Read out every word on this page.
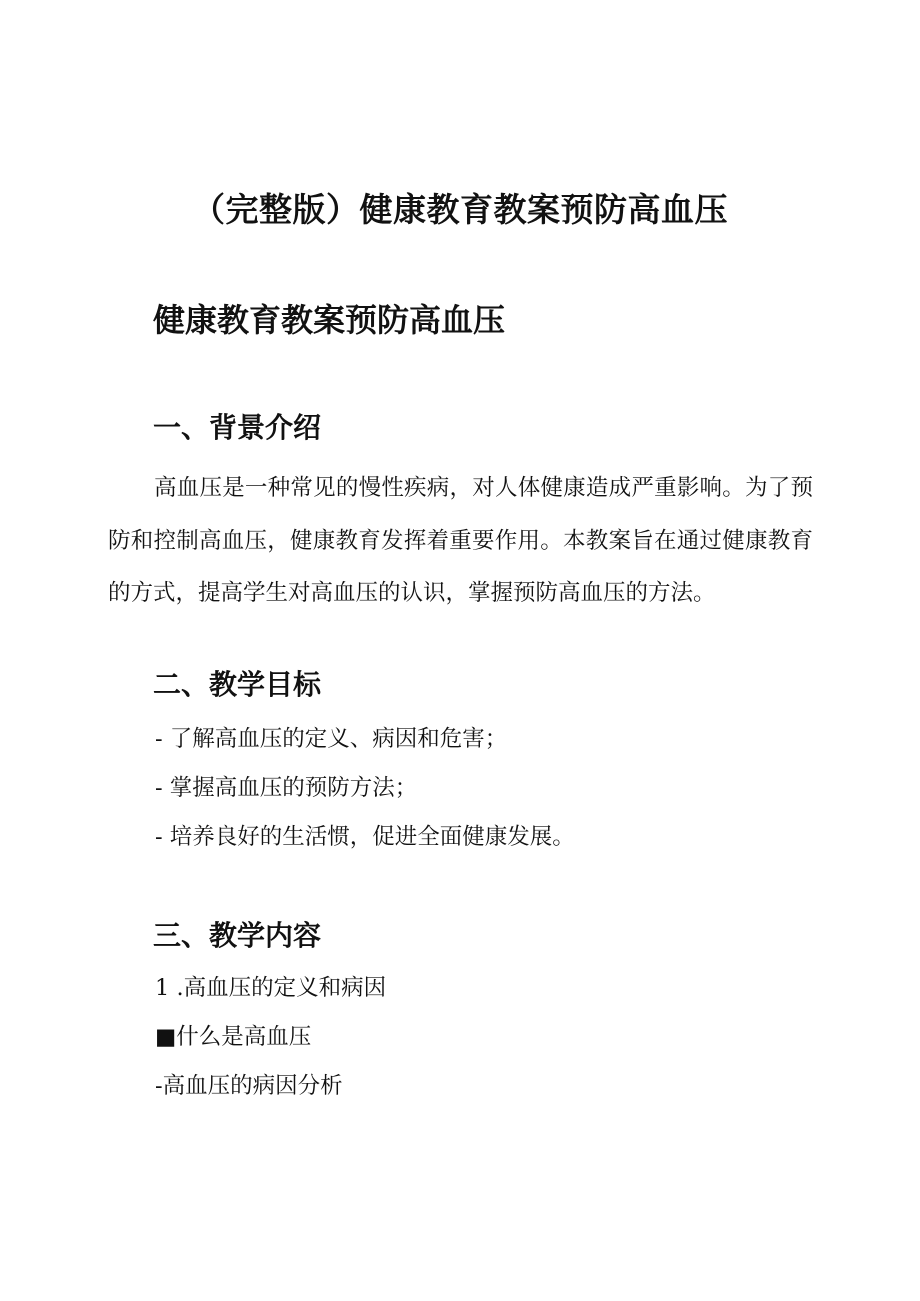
（完整版）健康教育教案预防高血压
健康教育教案预防高血压
一、背景介绍

高血压是一种常见的慢性疾病，对人体健康造成严重影响。为了预防和控制高血压，健康教育发挥着重要作用。本教案旨在通过健康教育的方式，提高学生对高血压的认识，掌握预防高血压的方法。

二、教学目标

- 了解高血压的定义、病因和危害；

- 掌握高血压的预防方法；

- 培养良好的生活惯，促进全面健康发展。

三、教学内容

1 .高血压的定义和病因

■什么是高血压

-高血压的病因分析
